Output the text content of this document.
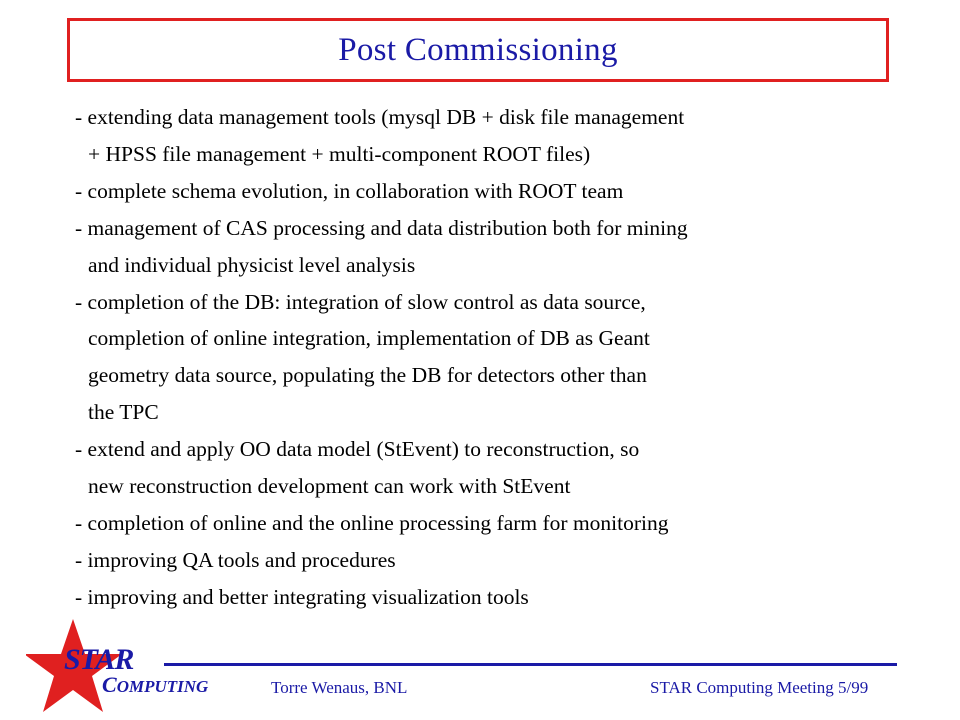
Post Commissioning
- extending data management tools (mysql DB + disk file management
+ HPSS file management + multi-component ROOT files)
- complete schema evolution, in collaboration with ROOT team
- management of CAS processing and data distribution both for mining
and individual physicist level analysis
- completion of the DB: integration of slow control as data source,
completion of online integration, implementation of DB as Geant
geometry data source, populating the DB for detectors other than
the TPC
- extend and apply OO data model (StEvent) to reconstruction, so
new reconstruction development can work with StEvent
- completion of online and the online processing farm for monitoring
- improving QA tools and procedures
- improving and better integrating visualization tools
STAR
COMPUTING	Torre Wenaus, BNL	STAR Computing Meeting 5/99
